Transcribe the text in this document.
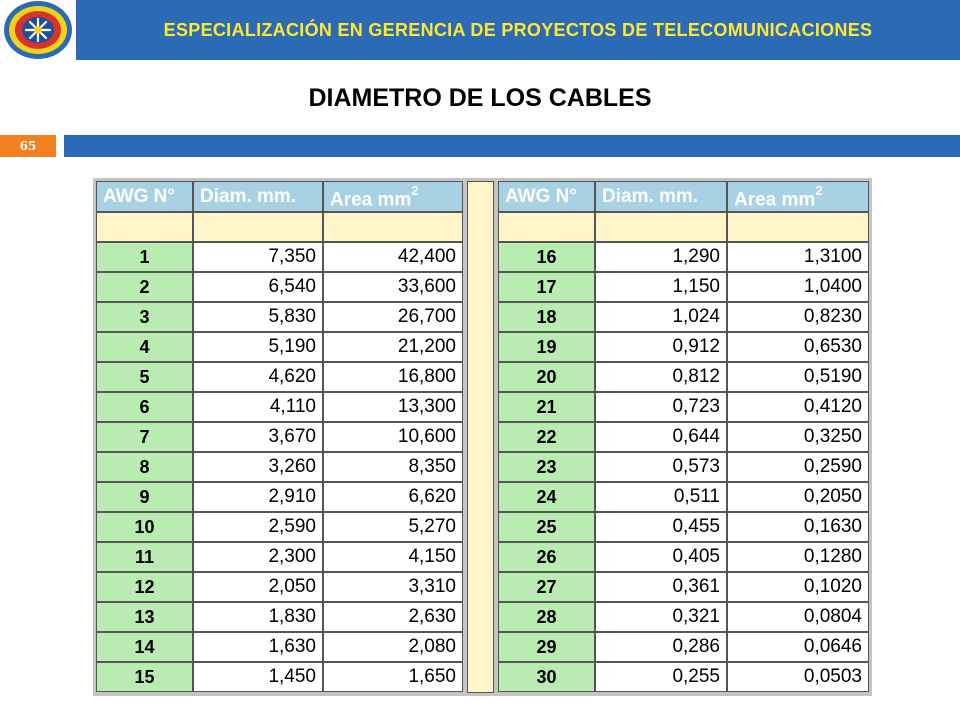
ESPECIALIZACIÓN EN GERENCIA DE PROYECTOS DE TELECOMUNICACIONES
DIAMETRO DE LOS CABLES
65
AWG N°	Diam. mm.	Area $mm^2$	AWG N°	Diam. mm.	Area $mm^2$
1	7,350	42,400
2	6,540	33,600
3	5,830	26,700
4	5,190	21,200
5	4,620	16,800
6	4,110	13,300
7	3,670	10,600
8	3,260	8,350
9	2,910	6,620
10	2,590	5,270
11	2,300	4,150
12	2,050	3,310
13	1,830	2,630
14	1,630	2,080
15	1,450	1,650
16	1,290	1,3100
17	1,150	1,0400
18	1,024	0,8230
19	0,912	0,6530
20	0,812	0,5190
21	0,723	0,4120
22	0,644	0,3250
23	0,573	0,2590
24	0,511	0,2050
25	0,455	0,1630
26	0,405	0,1280
27	0,361	0,1020
28	0,321	0,0804
29	0,286	0,0646
30	0,255	0,0503
